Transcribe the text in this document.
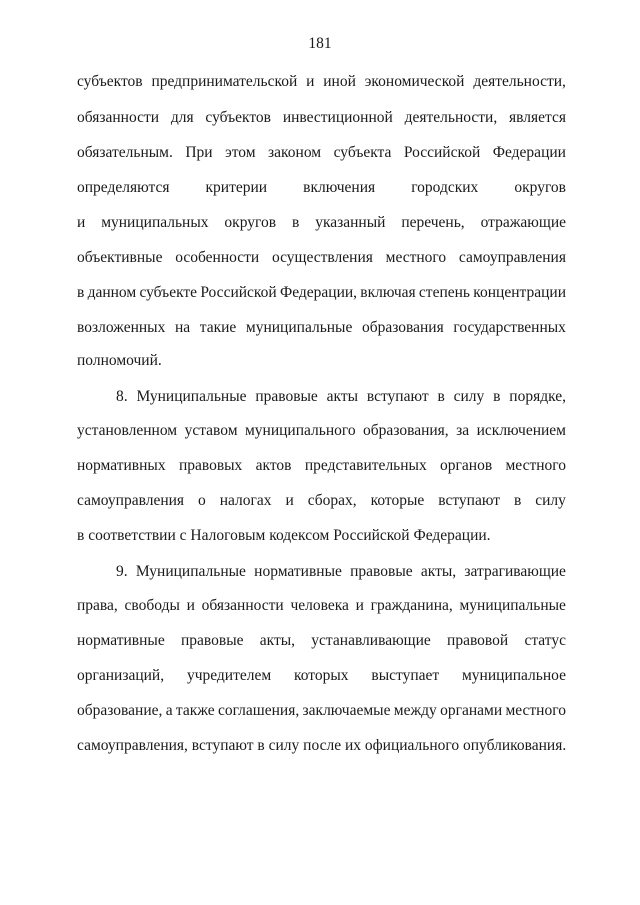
181
субъектов предпринимательской и иной экономической деятельности,
обязанности для субъектов инвестиционной деятельности, является
обязательным. При этом законом субъекта Российской Федерации
определяются критерии включения городских округов
и муниципальных округов в указанный перечень, отражающие
объективные особенности осуществления местного самоуправления
в данном субъекте Российской Федерации, включая степень концентрации
возложенных на такие муниципальные образования государственных
полномочий.
8. Муниципальные правовые акты вступают в силу в порядке,
установленном уставом муниципального образования, за исключением
нормативных правовых актов представительных органов местного
самоуправления о налогах и сборах, которые вступают в силу
в соответствии с Налоговым кодексом Российской Федерации.
9. Муниципальные нормативные правовые акты, затрагивающие
права, свободы и обязанности человека и гражданина, муниципальные
нормативные правовые акты, устанавливающие правовой статус
организаций, учредителем которых выступает муниципальное
образование, а также соглашения, заключаемые между органами местного
самоуправления, вступают в силу после их официального опубликования.
